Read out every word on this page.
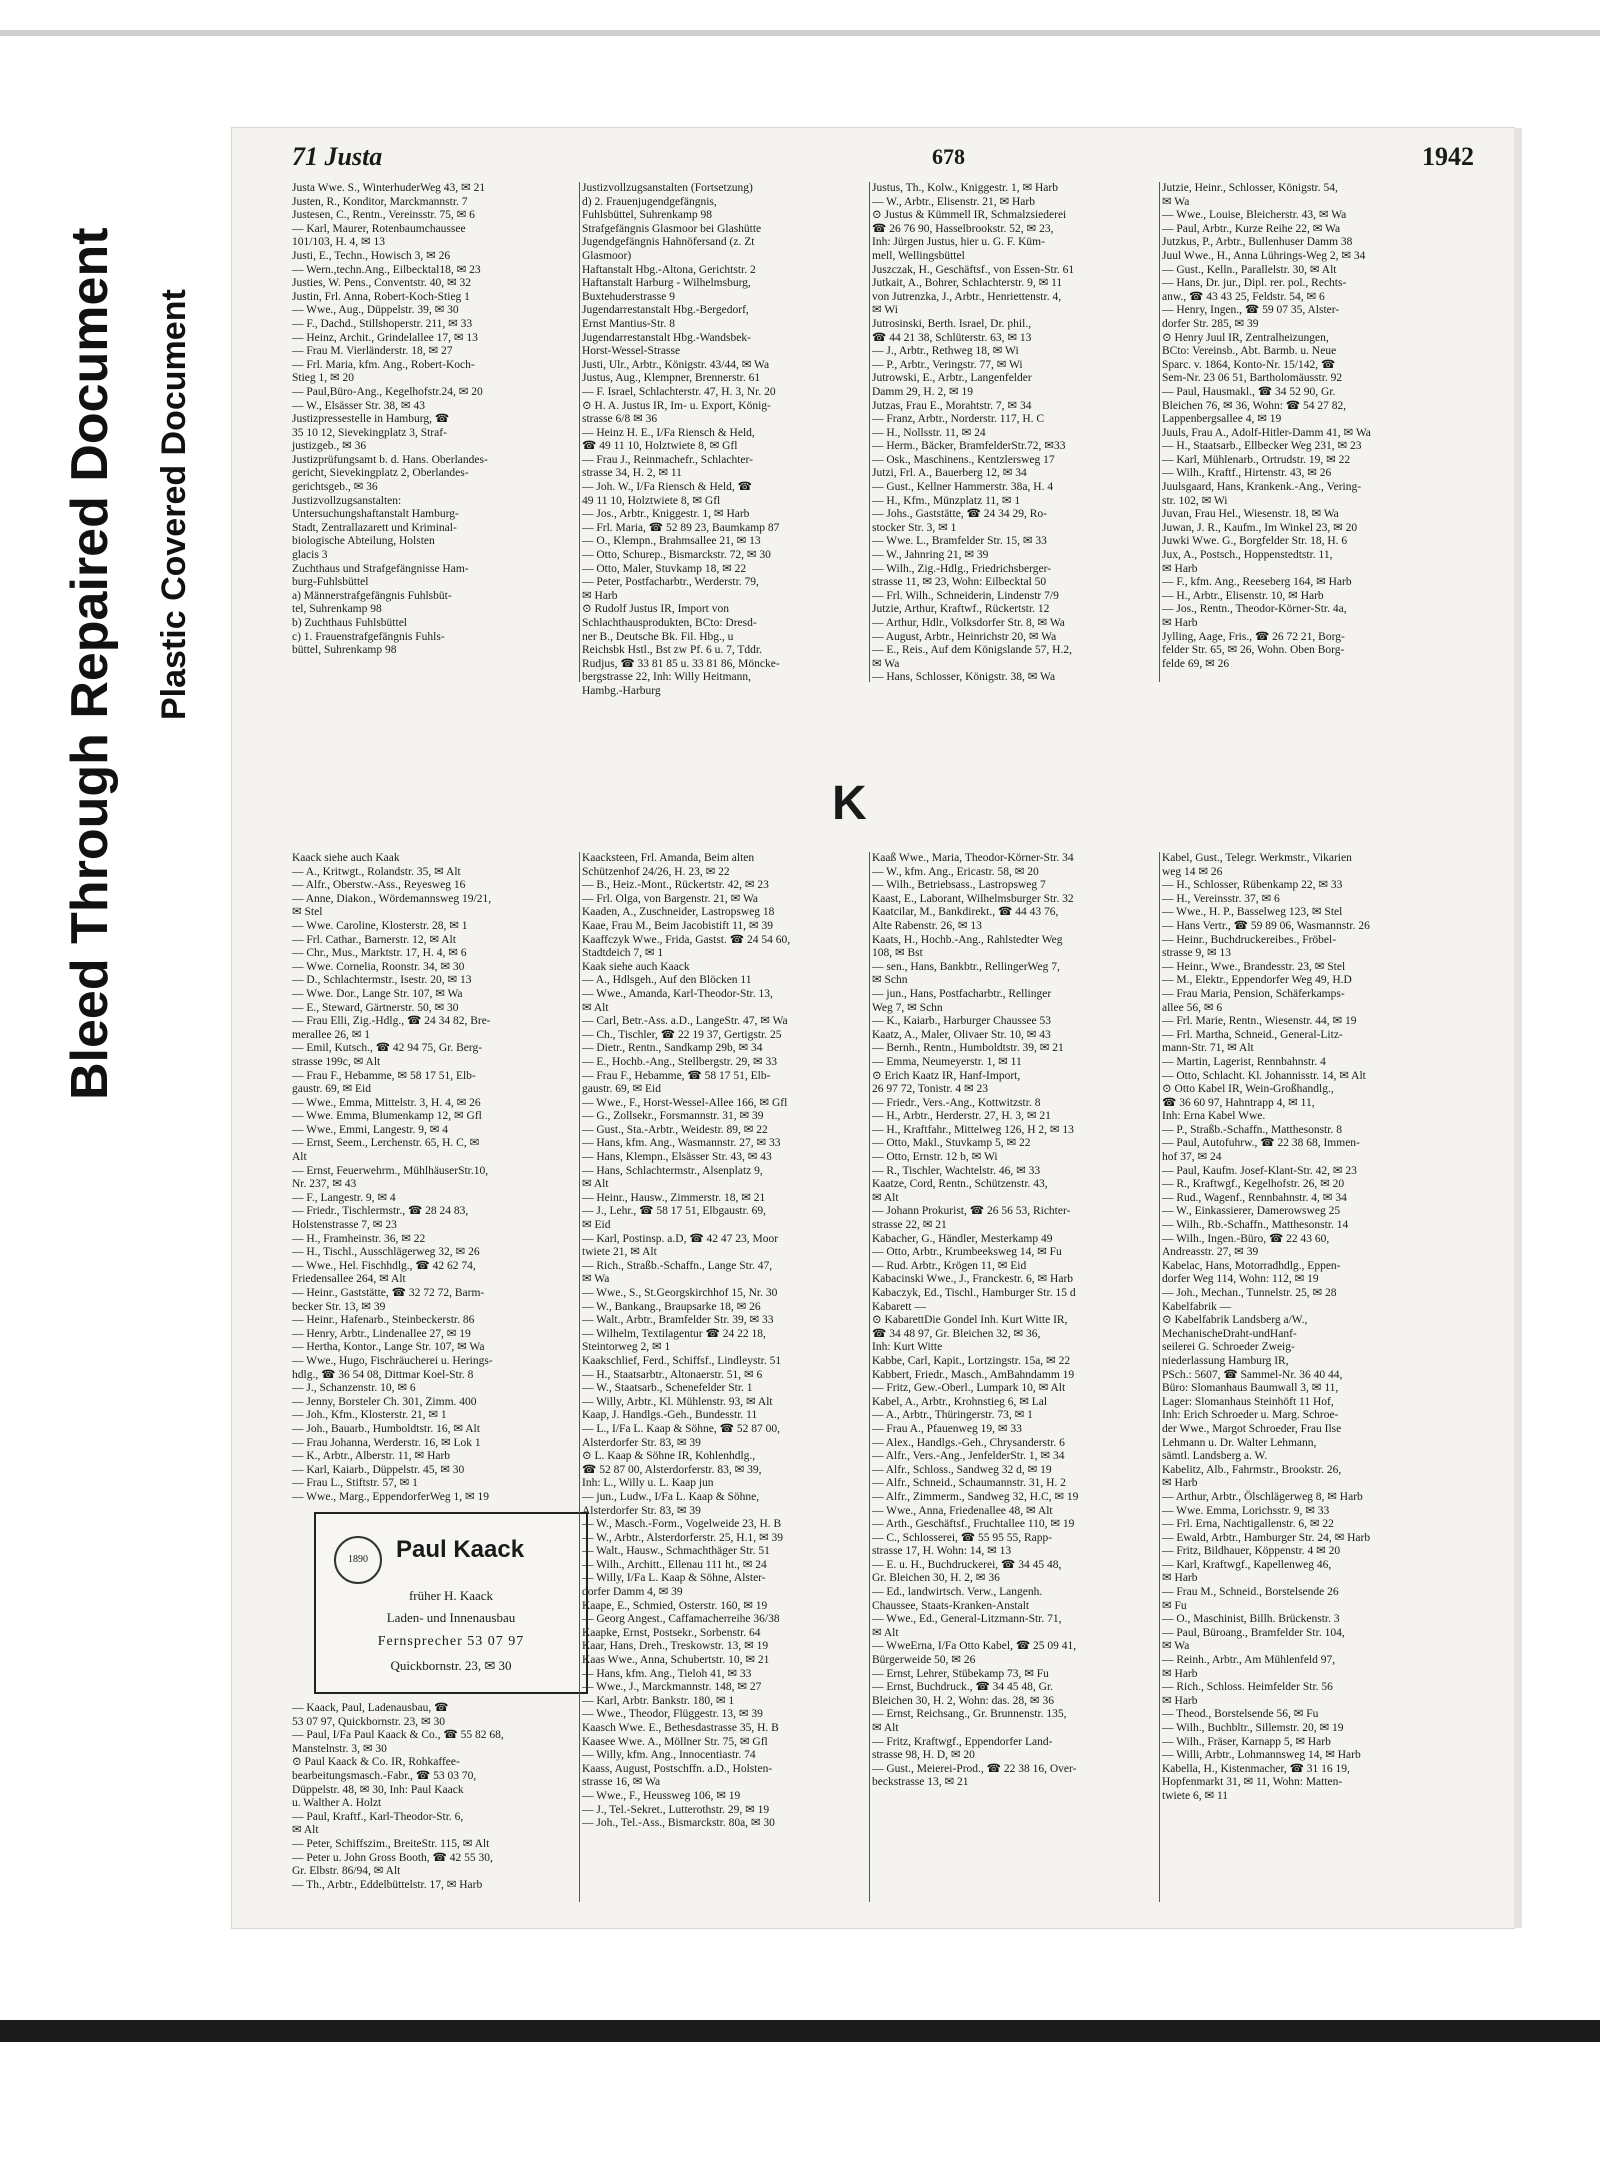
Bleed Through Repaired Document Plastic Covered Document
71 Justa	678	1942

Justa Wwe. S., WinterhuderWeg 43, ✉ 21

Justen, R., Konditor, Marckmannstr. 7

Justesen, C., Rentn., Vereinsstr. 75, ✉ 6

— Karl, Maurer, Rotenbaumchaussee

101/103, H. 4, ✉ 13

Justi, E., Techn., Howisch 3, ✉ 26

— Wern.,techn.Ang., Eilbecktal18, ✉ 23

Justies, W. Pens., Conventstr. 40, ✉ 32

Justin, Frl. Anna, Robert-Koch-Stieg 1

— Wwe., Aug., Düppelstr. 39, ✉ 30

— F., Dachd., Stillshoperstr. 211, ✉ 33

— Heinz, Archit., Grindelallee 17, ✉ 13

— Frau M. Vierländerstr. 18, ✉ 27

— Frl. Maria, kfm. Ang., Robert-Koch-

Stieg 1, ✉ 20

— Paul,Büro-Ang., Kegelhofstr.24, ✉ 20

— W., Elsässer Str. 38, ✉ 43

Justizpressestelle in Hamburg, ☎

35 10 12, Sievekingplatz 3, Straf-

justizgeb., ✉ 36

Justizprüfungsamt b. d. Hans. Oberlandes-

gericht, Sievekingplatz 2, Oberlandes-

gerichtsgeb., ✉ 36

Justizvollzugsanstalten:

Untersuchungshaftanstalt Hamburg-

Stadt, Zentrallazarett und Kriminal-

biologische Abteilung, Holsten

glacis 3

Zuchthaus und Strafgefängnisse Ham-

burg-Fuhlsbüttel

a) Männerstrafgefängnis Fuhlsbüt-

tel, Suhrenkamp 98

b) Zuchthaus Fuhlsbüttel

c) 1. Frauenstrafgefängnis Fuhls-

büttel, Suhrenkamp 98

Justizvollzugsanstalten (Fortsetzung)

d) 2. Frauenjugendgefängnis,

Fuhlsbüttel, Suhrenkamp 98

Strafgefängnis Glasmoor bei Glashütte

Jugendgefängnis Hahnöfersand (z. Zt

Glasmoor)

Haftanstalt Hbg.-Altona, Gerichtstr. 2

Haftanstalt Harburg - Wilhelmsburg,

Buxtehuderstrasse 9

Jugendarrestanstalt Hbg.-Bergedorf,

Ernst Mantius-Str. 8

Jugendarrestanstalt Hbg.-Wandsbek-

Horst-Wessel-Strasse

Justi, Ulr., Arbtr., Königstr. 43/44, ✉ Wa

Justus, Aug., Klempner, Brennerstr. 61

— F. Israel, Schlachterstr. 47, H. 3, Nr. 20

⊙ H. A. Justus IR, Im- u. Export, König-

strasse 6/8 ✉ 36

— Heinz H. E., I/Fa Riensch & Held,

☎ 49 11 10, Holztwiete 8, ✉ Gfl

— Frau J., Reinmachefr., Schlachter-

strasse 34, H. 2, ✉ 11

— Joh. W., I/Fa Riensch & Held, ☎

49 11 10, Holztwiete 8, ✉ Gfl

— Jos., Arbtr., Kniggestr. 1, ✉ Harb

— Frl. Maria, ☎ 52 89 23, Baumkamp 87

— O., Klempn., Brahmsallee 21, ✉ 13

— Otto, Schurep., Bismarckstr. 72, ✉ 30

— Otto, Maler, Stuvkamp 18, ✉ 22

— Peter, Postfacharbtr., Werderstr. 79,

✉ Harb

⊙ Rudolf Justus IR, Import von

Schlachthausprodukten, BCto: Dresd-

ner B., Deutsche Bk. Fil. Hbg., u

Reichsbk Hstl., Bst zw Pf. 6 u. 7, Tddr.

Rudjus, ☎ 33 81 85 u. 33 81 86, Möncke-

bergstrasse 22, Inh: Willy Heitmann,

Hambg.-Harburg

Justus, Th., Kolw., Kniggestr. 1, ✉ Harb

— W., Arbtr., Elisenstr. 21, ✉ Harb

⊙ Justus & Kümmell IR, Schmalzsiederei

☎ 26 76 90, Hasselbrookstr. 52, ✉ 23,

Inh: Jürgen Justus, hier u. G. F. Küm-

mell, Wellingsbüttel

Juszczak, H., Geschäftsf., von Essen-Str. 61

Jutkait, A., Bohrer, Schlachterstr. 9, ✉ 11

von Jutrenzka, J., Arbtr., Henriettenstr. 4,

✉ Wi

Jutrosinski, Berth. Israel, Dr. phil.,

☎ 44 21 38, Schlüterstr. 63, ✉ 13

— J., Arbtr., Rethweg 18, ✉ Wi

— P., Arbtr., Veringstr. 77, ✉ Wi

Jutrowski, E., Arbtr., Langenfelder

Damm 29, H. 2, ✉ 19

Jutzas, Frau E., Morahtstr. 7, ✉ 34

— Franz, Arbtr., Norderstr. 117, H. C

— H., Nollsstr. 11, ✉ 24

— Herm., Bäcker, BramfelderStr.72, ✉33

— Osk., Maschinens., Kentzlersweg 17

Jutzi, Frl. A., Bauerberg 12, ✉ 34

— Gust., Kellner Hammerstr. 38a, H. 4

— H., Kfm., Münzplatz 11, ✉ 1

— Johs., Gaststätte, ☎ 24 34 29, Ro-

stocker Str. 3, ✉ 1

— Wwe. L., Bramfelder Str. 15, ✉ 33

— W., Jahnring 21, ✉ 39

— Wilh., Zig.-Hdlg., Friedrichsberger-

strasse 11, ✉ 23, Wohn: Eilbecktal 50

— Frl. Wilh., Schneiderin, Lindenstr 7/9

Jutzie, Arthur, Kraftwf., Rückertstr. 12

— Arthur, Hdlr., Volksdorfer Str. 8, ✉ Wa

— August, Arbtr., Heinrichstr 20, ✉ Wa

— E., Reis., Auf dem Königslande 57, H.2,

✉ Wa

— Hans, Schlosser, Königstr. 38, ✉ Wa

Jutzie, Heinr., Schlosser, Königstr. 54,

✉ Wa

— Wwe., Louise, Bleicherstr. 43, ✉ Wa

— Paul, Arbtr., Kurze Reihe 22, ✉ Wa

Jutzkus, P., Arbtr., Bullenhuser Damm 38

Juul Wwe., H., Anna Lührings-Weg 2, ✉ 34

— Gust., Kelln., Parallelstr. 30, ✉ Alt

— Hans, Dr. jur., Dipl. rer. pol., Rechts-

anw., ☎ 43 43 25, Feldstr. 54, ✉ 6

— Henry, Ingen., ☎ 59 07 35, Alster-

dorfer Str. 285, ✉ 39

⊙ Henry Juul IR, Zentralheizungen,

BCto: Vereinsb., Abt. Barmb. u. Neue

Sparc. v. 1864, Konto-Nr. 15/142, ☎

Sem-Nr. 23 06 51, Bartholomäusstr. 92

— Paul, Hausmakl., ☎ 34 52 90, Gr.

Bleichen 76, ✉ 36, Wohn: ☎ 54 27 82,

Lappenbergsallee 4, ✉ 19

Juuls, Frau A., Adolf-Hitler-Damm 41, ✉ Wa

— H., Staatsarb., Ellbecker Weg 231, ✉ 23

— Karl, Mühlenarb., Ortrudstr. 19, ✉ 22

— Wilh., Kraftf., Hirtenstr. 43, ✉ 26

Juulsgaard, Hans, Krankenk.-Ang., Vering-

str. 102, ✉ Wi

Juvan, Frau Hel., Wiesenstr. 18, ✉ Wa

Juwan, J. R., Kaufm., Im Winkel 23, ✉ 20

Juwki Wwe. G., Borgfelder Str. 18, H. 6

Jux, A., Postsch., Hoppenstedtstr. 11,

✉ Harb

— F., kfm. Ang., Reeseberg 164, ✉ Harb

— H., Arbtr., Elisenstr. 10, ✉ Harb

— Jos., Rentn., Theodor-Körner-Str. 4a,

✉ Harb

Jylling, Aage, Fris., ☎ 26 72 21, Borg-

felder Str. 65, ✉ 26, Wohn. Oben Borg-

felde 69, ✉ 26

K

Kaack siehe auch Kaak

— A., Kritwgt., Rolandstr. 35, ✉ Alt

— Alfr., Oberstw.-Ass., Reyesweg 16

— Anne, Diakon., Wördemannsweg 19/21,

✉ Stel

— Wwe. Caroline, Klosterstr. 28, ✉ 1

— Frl. Cathar., Barnerstr. 12, ✉ Alt

— Chr., Mus., Marktstr. 17, H. 4, ✉ 6

— Wwe. Cornelia, Roonstr. 34, ✉ 30

— D., Schlachtermstr., Isestr. 20, ✉ 13

— Wwe. Dor., Lange Str. 107, ✉ Wa

— E., Steward, Gärtnerstr. 50, ✉ 30

— Frau Elli, Zig.-Hdlg., ☎ 24 34 82, Bre-

merallee 26, ✉ 1

— Emil, Kutsch., ☎ 42 94 75, Gr. Berg-

strasse 199c, ✉ Alt

— Frau F., Hebamme, ✉ 58 17 51, Elb-

gaustr. 69, ✉ Eid

— Wwe., Emma, Mittelstr. 3, H. 4, ✉ 26

— Wwe. Emma, Blumenkamp 12, ✉ Gfl

— Wwe., Emmi, Langestr. 9, ✉ 4

— Ernst, Seem., Lerchenstr. 65, H. C, ✉

Alt

— Ernst, Feuerwehrm., MühlhäuserStr.10,

Nr. 237, ✉ 43

— F., Langestr. 9, ✉ 4

— Friedr., Tischlermstr., ☎ 28 24 83,

Holstenstrasse 7, ✉ 23

— H., Framheinstr. 36, ✉ 22

— H., Tischl., Ausschlägerweg 32, ✉ 26

— Wwe., Hel. Fischhdlg., ☎ 42 62 74,

Friedensallee 264, ✉ Alt

— Heinr., Gaststätte, ☎ 32 72 72, Barm-

becker Str. 13, ✉ 39

— Heinr., Hafenarb., Steinbeckerstr. 86

— Henry, Arbtr., Lindenallee 27, ✉ 19

— Hertha, Kontor., Lange Str. 107, ✉ Wa

— Wwe., Hugo, Fischräucherei u. Herings-

hdlg., ☎ 36 54 08, Dittmar Koel-Str. 8

— J., Schanzenstr. 10, ✉ 6

— Jenny, Borsteler Ch. 301, Zimm. 400

— Joh., Kfm., Klosterstr. 21, ✉ 1

— Joh., Bauarb., Humboldtstr. 16, ✉ Alt

— Frau Johanna, Werderstr. 16, ✉ Lok 1

— K., Arbtr., Alberstr. 11, ✉ Harb

— Karl, Kaiarb., Düppelstr. 45, ✉ 30

— Frau L., Stiftstr. 57, ✉ 1

— Wwe., Marg., EppendorferWeg 1, ✉ 19

1890	Paul Kaack
früher H. Kaack
Laden- und Innenausbau
Fernsprecher 53 07 97
Quickbornstr. 23, ✉ 30

— Kaack, Paul, Ladenausbau, ☎

53 07 97, Quickbornstr. 23, ✉ 30

— Paul, I/Fa Paul Kaack & Co., ☎ 55 82 68,

Manstelnstr. 3, ✉ 30

⊙ Paul Kaack & Co. IR, Rohkaffee-

bearbeitungsmasch.-Fabr., ☎ 53 03 70,

Düppelstr. 48, ✉ 30, Inh: Paul Kaack

u. Walther A. Holzt

— Paul, Kraftf., Karl-Theodor-Str. 6,

✉ Alt

— Peter, Schiffszim., BreiteStr. 115, ✉ Alt

— Peter u. John Gross Booth, ☎ 42 55 30,

Gr. Elbstr. 86/94, ✉ Alt

— Th., Arbtr., Eddelbüttelstr. 17, ✉ Harb

Kaacksteen, Frl. Amanda, Beim alten

Schützenhof 24/26, H. 23, ✉ 22

— B., Heiz.-Mont., Rückertstr. 42, ✉ 23

— Frl. Olga, von Bargenstr. 21, ✉ Wa

Kaaden, A., Zuschneider, Lastropsweg 18

Kaae, Frau M., Beim Jacobistift 11, ✉ 39

Kaaffczyk Wwe., Frida, Gastst. ☎ 24 54 60,

Stadtdeich 7, ✉ 1

Kaak siehe auch Kaack

— A., Hdlsgeh., Auf den Blöcken 11

— Wwe., Amanda, Karl-Theodor-Str. 13,

✉ Alt

— Carl, Betr.-Ass. a.D., LangeStr. 47, ✉ Wa

— Ch., Tischler, ☎ 22 19 37, Gertigstr. 25

— Dietr., Rentn., Sandkamp 29b, ✉ 34

— E., Hochb.-Ang., Stellbergstr. 29, ✉ 33

— Frau F., Hebamme, ☎ 58 17 51, Elb-

gaustr. 69, ✉ Eid

— Wwe., F., Horst-Wessel-Allee 166, ✉ Gfl

— G., Zollsekr., Forsmannstr. 31, ✉ 39

— Gust., Sta.-Arbtr., Weidestr. 89, ✉ 22

— Hans, kfm. Ang., Wasmannstr. 27, ✉ 33

— Hans, Klempn., Elsässer Str. 43, ✉ 43

— Hans, Schlachtermstr., Alsenplatz 9,

✉ Alt

— Heinr., Hausw., Zimmerstr. 18, ✉ 21

— J., Lehr., ☎ 58 17 51, Elbgaustr. 69,

✉ Eid

— Karl, Postinsp. a.D, ☎ 42 47 23, Moor

twiete 21, ✉ Alt

— Rich., Straßb.-Schaffn., Lange Str. 47,

✉ Wa

— Wwe., S., St.Georgskirchhof 15, Nr. 30

— W., Bankang., Braupsarke 18, ✉ 26

— Walt., Arbtr., Bramfelder Str. 39, ✉ 33

— Wilhelm, Textilagentur ☎ 24 22 18,

Steintorweg 2, ✉ 1

Kaakschlief, Ferd., Schiffsf., Lindleystr. 51

— H., Staatsarbtr., Altonaerstr. 51, ✉ 6

— W., Staatsarb., Schenefelder Str. 1

— Willy, Arbtr., Kl. Mühlenstr. 93, ✉ Alt

Kaap, J. Handlgs.-Geh., Bundesstr. 11

— L., I/Fa L. Kaap & Söhne, ☎ 52 87 00,

Alsterdorfer Str. 83, ✉ 39

⊙ L. Kaap & Söhne IR, Kohlenhdlg.,

☎ 52 87 00, Alsterdorferstr. 83, ✉ 39,

Inh: L., Willy u. L. Kaap jun

— jun., Ludw., I/Fa L. Kaap & Söhne,

Alsterdorfer Str. 83, ✉ 39

— W., Masch.-Form., Vogelweide 23, H. B

— W., Arbtr., Alsterdorferstr. 25, H.1, ✉ 39

— Walt., Hausw., Schmachthäger Str. 51

— Wilh., Architt., Ellenau 111 ht., ✉ 24

— Willy, I/Fa L. Kaap & Söhne, Alster-

dorfer Damm 4, ✉ 39

Kaape, E., Schmied, Osterstr. 160, ✉ 19

— Georg Angest., Caffamacherreihe 36/38

Kaapke, Ernst, Postsekr., Sorbenstr. 64

Kaar, Hans, Dreh., Treskowstr. 13, ✉ 19

Kaas Wwe., Anna, Schubertstr. 10, ✉ 21

— Hans, kfm. Ang., Tieloh 41, ✉ 33

— Wwe., J., Marckmannstr. 148, ✉ 27

— Karl, Arbtr. Bankstr. 180, ✉ 1

— Wwe., Theodor, Flüggestr. 13, ✉ 39

Kaasch Wwe. E., Bethesdastrasse 35, H. B

Kaasee Wwe. A., Möllner Str. 75, ✉ Gfl

— Willy, kfm. Ang., Innocentiastr. 74

Kaass, August, Postschffn. a.D., Holsten-

strasse 16, ✉ Wa

— Wwe., F., Heussweg 106, ✉ 19

— J., Tel.-Sekret., Lutterothstr. 29, ✉ 19

— Joh., Tel.-Ass., Bismarckstr. 80a, ✉ 30

Kaaß Wwe., Maria, Theodor-Körner-Str. 34

— W., kfm. Ang., Ericastr. 58, ✉ 20

— Wilh., Betriebsass., Lastropsweg 7

Kaast, E., Laborant, Wilhelmsburger Str. 32

Kaatcilar, M., Bankdirekt., ☎ 44 43 76,

Alte Rabenstr. 26, ✉ 13

Kaats, H., Hochb.-Ang., Rahlstedter Weg

108, ✉ Bst

— sen., Hans, Bankbtr., RellingerWeg 7,

✉ Schn

— jun., Hans, Postfacharbtr., Rellinger

Weg 7, ✉ Schn

— K., Kaiarb., Harburger Chaussee 53

Kaatz, A., Maler, Olivaer Str. 10, ✉ 43

— Bernh., Rentn., Humboldtstr. 39, ✉ 21

— Emma, Neumeyerstr. 1, ✉ 11

⊙ Erich Kaatz IR, Hanf-Import,

26 97 72, Tonistr. 4 ✉ 23

— Friedr., Vers.-Ang., Kottwitzstr. 8

— H., Arbtr., Herderstr. 27, H. 3, ✉ 21

— H., Kraftfahr., Mittelweg 126, H 2, ✉ 13

— Otto, Makl., Stuvkamp 5, ✉ 22

— Otto, Ernstr. 12 b, ✉ Wi

— R., Tischler, Wachtelstr. 46, ✉ 33

Kaatze, Cord, Rentn., Schützenstr. 43,

✉ Alt

— Johann Prokurist, ☎ 26 56 53, Richter-

strasse 22, ✉ 21

Kabacher, G., Händler, Mesterkamp 49

— Otto, Arbtr., Krumbeeksweg 14, ✉ Fu

— Rud. Arbtr., Krögen 11, ✉ Eid

Kabacinski Wwe., J., Franckestr. 6, ✉ Harb

Kabaczyk, Ed., Tischl., Hamburger Str. 15 d

Kabarett —

⊙ KabarettDie Gondel Inh. Kurt Witte IR,

☎ 34 48 97, Gr. Bleichen 32, ✉ 36,

Inh: Kurt Witte

Kabbe, Carl, Kapit., Lortzingstr. 15a, ✉ 22

Kabbert, Friedr., Masch., AmBahndamm 19

— Fritz, Gew.-Oberl., Lumpark 10, ✉ Alt

Kabel, A., Arbtr., Krohnstieg 6, ✉ Lal

— A., Arbtr., Thüringerstr. 73, ✉ 1

— Frau A., Pfauenweg 19, ✉ 33

— Alex., Handlgs.-Geh., Chrysanderstr. 6

— Alfr., Vers.-Ang., JenfelderStr. 1, ✉ 34

— Alfr., Schloss., Sandweg 32 d, ✉ 19

— Alfr., Schneid., Schaumannstr. 31, H. 2

— Alfr., Zimmerm., Sandweg 32, H.C, ✉ 19

— Wwe., Anna, Friedenallee 48, ✉ Alt

— Arth., Geschäftsf., Fruchtallee 110, ✉ 19

— C., Schlosserei, ☎ 55 95 55, Rapp-

strasse 17, H. Wohn: 14, ✉ 13

— E. u. H., Buchdruckerei, ☎ 34 45 48,

Gr. Bleichen 30, H. 2, ✉ 36

— Ed., landwirtsch. Verw., Langenh.

Chaussee, Staats-Kranken-Anstalt

— Wwe., Ed., General-Litzmann-Str. 71,

✉ Alt

— WweErna, I/Fa Otto Kabel, ☎ 25 09 41,

Bürgerweide 50, ✉ 26

— Ernst, Lehrer, Stübekamp 73, ✉ Fu

— Ernst, Buchdruck., ☎ 34 45 48, Gr.

Bleichen 30, H. 2, Wohn: das. 28, ✉ 36

— Ernst, Reichsang., Gr. Brunnenstr. 135,

✉ Alt

— Fritz, Kraftwgf., Eppendorfer Land-

strasse 98, H. D, ✉ 20

— Gust., Meierei-Prod., ☎ 22 38 16, Over-

beckstrasse 13, ✉ 21

Kabel, Gust., Telegr. Werkmstr., Vikarien

weg 14 ✉ 26

— H., Schlosser, Rübenkamp 22, ✉ 33

— H., Vereinsstr. 37, ✉ 6

— Wwe., H. P., Basselweg 123, ✉ Stel

— Hans Vertr., ☎ 59 89 06, Wasmannstr. 26

— Heinr., Buchdruckereibes., Fröbel-

strasse 9, ✉ 13

— Heinr., Wwe., Brandesstr. 23, ✉ Stel

— M., Elektr., Eppendorfer Weg 49, H.D

— Frau Maria, Pension, Schäferkamps-

allee 56, ✉ 6

— Frl. Marie, Rentn., Wiesenstr. 44, ✉ 19

— Frl. Martha, Schneid., General-Litz-

mann-Str. 71, ✉ Alt

— Martin, Lagerist, Rennbahnstr. 4

— Otto, Schlacht. Kl. Johannisstr. 14, ✉ Alt

⊙ Otto Kabel IR, Wein-Großhandlg.,

☎ 36 60 97, Hahntrapp 4, ✉ 11,

Inh: Erna Kabel Wwe.

— P., Straßb.-Schaffn., Matthesonstr. 8

— Paul, Autofuhrw., ☎ 22 38 68, Immen-

hof 37, ✉ 24

— Paul, Kaufm. Josef-Klant-Str. 42, ✉ 23

— R., Kraftwgf., Kegelhofstr. 26, ✉ 20

— Rud., Wagenf., Rennbahnstr. 4, ✉ 34

— W., Einkassierer, Damerowsweg 25

— Wilh., Rb.-Schaffn., Matthesonstr. 14

— Wilh., Ingen.-Büro, ☎ 22 43 60,

Andreasstr. 27, ✉ 39

Kabelac, Hans, Motorradhdlg., Eppen-

dorfer Weg 114, Wohn: 112, ✉ 19

— Joh., Mechan., Tunnelstr. 25, ✉ 28

Kabelfabrik —

⊙ Kabelfabrik Landsberg a/W.,

MechanischeDraht-undHanf-

seilerei G. Schroeder Zweig-

niederlassung Hamburg IR,

PSch.: 5607, ☎ Sammel-Nr. 36 40 44,

Büro: Slomanhaus Baumwall 3, ✉ 11,

Lager: Slomanhaus Steinhöft 11 Hof,

Inh: Erich Schroeder u. Marg. Schroe-

der Wwe., Margot Schroeder, Frau Ilse

Lehmann u. Dr. Walter Lehmann,

sämtl. Landsberg a. W.

Kabelitz, Alb., Fahrmstr., Brookstr. 26,

✉ Harb

— Arthur, Arbtr., Ölschlägerweg 8, ✉ Harb

— Wwe. Emma, Lorichsstr. 9, ✉ 33

— Frl. Erna, Nachtigallenstr. 6, ✉ 22

— Ewald, Arbtr., Hamburger Str. 24, ✉ Harb

— Fritz, Bildhauer, Köppenstr. 4 ✉ 20

— Karl, Kraftwgf., Kapellenweg 46,

✉ Harb

— Frau M., Schneid., Borstelsende 26

✉ Fu

— O., Maschinist, Billh. Brückenstr. 3

— Paul, Büroang., Bramfelder Str. 104,

✉ Wa

— Reinh., Arbtr., Am Mühlenfeld 97,

✉ Harb

— Rich., Schloss. Heimfelder Str. 56

✉ Harb

— Theod., Borstelsende 56, ✉ Fu

— Wilh., Buchbltr., Sillemstr. 20, ✉ 19

— Wilh., Fräser, Karnapp 5, ✉ Harb

— Willi, Arbtr., Lohmannsweg 14, ✉ Harb

Kabella, H., Kistenmacher, ☎ 31 16 19,

Hopfenmarkt 31, ✉ 11, Wohn: Matten-

twiete 6, ✉ 11
